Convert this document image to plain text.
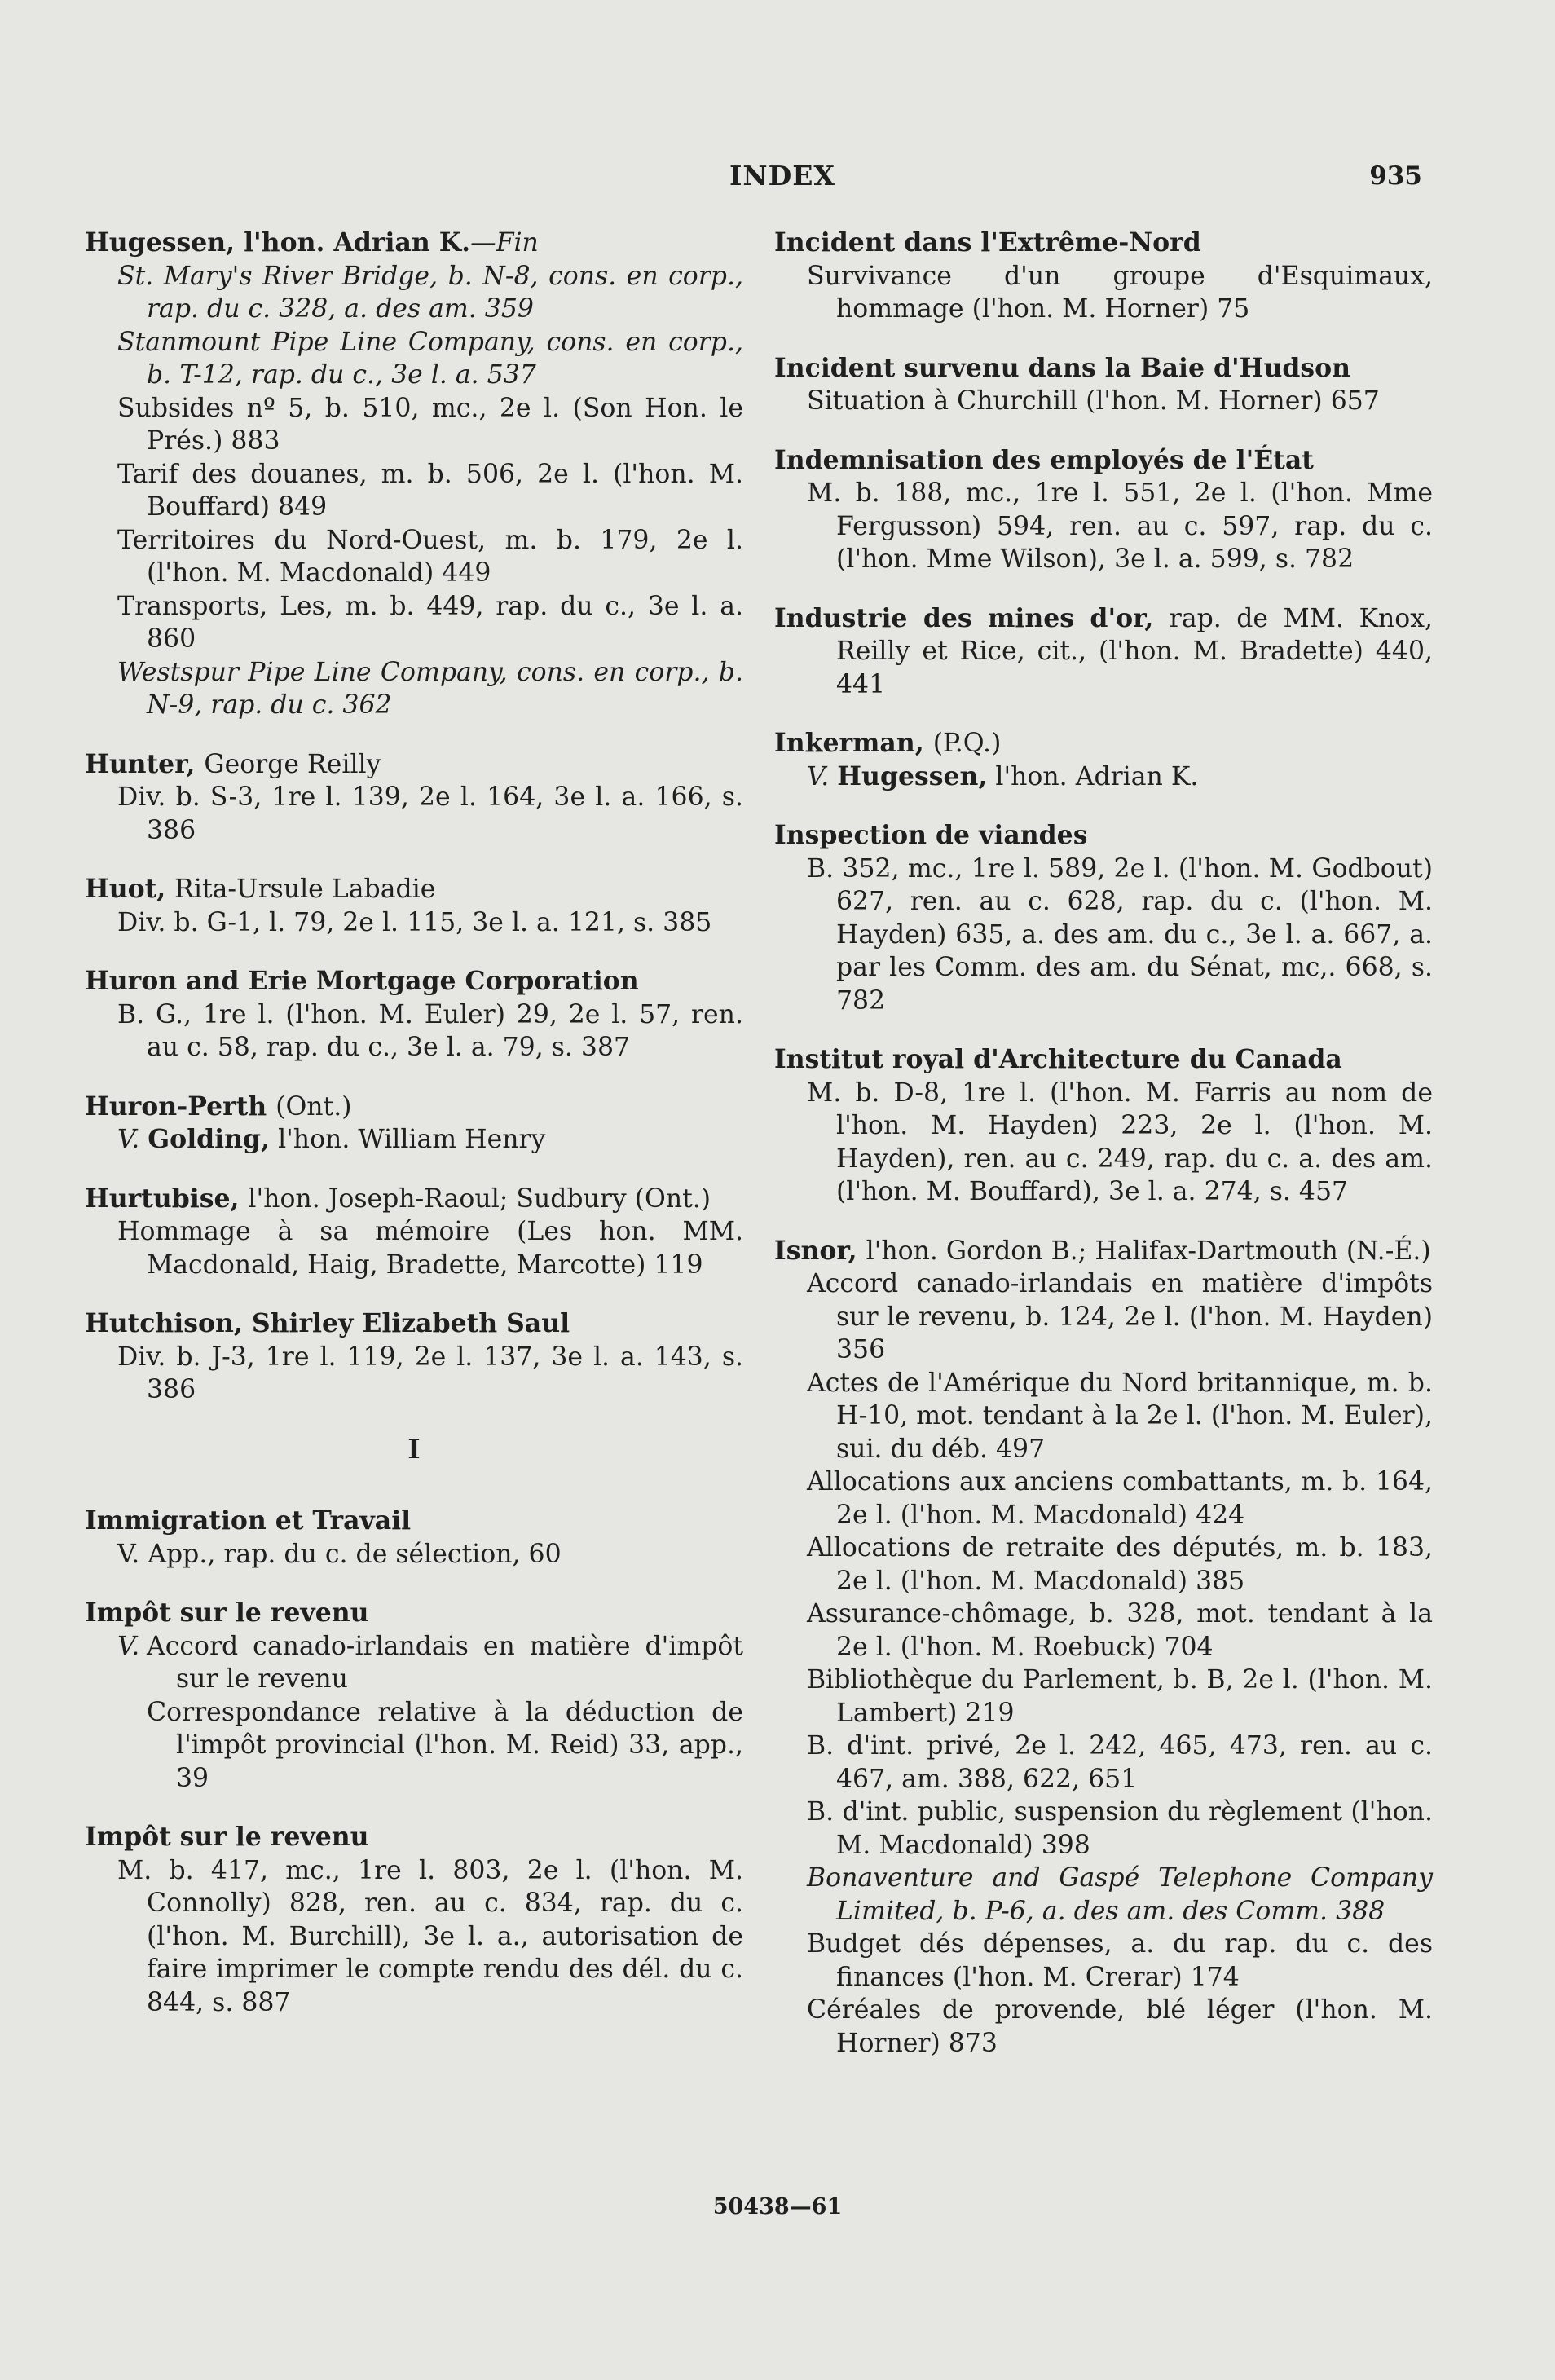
INDEX	935
Hugessen, l'hon. Adrian K.—Fin
St. Mary's River Bridge, b. N-8, cons. en corp., rap. du c. 328, a. des am. 359
Stanmount Pipe Line Company, cons. en corp., b. T-12, rap. du c., 3e l. a. 537
Subsides nº 5, b. 510, mc., 2e l. (Son Hon. le Prés.) 883
Tarif des douanes, m. b. 506, 2e l. (l'hon. M. Bouffard) 849
Territoires du Nord-Ouest, m. b. 179, 2e l. (l'hon. M. Macdonald) 449
Transports, Les, m. b. 449, rap. du c., 3e l. a. 860
Westspur Pipe Line Company, cons. en corp., b. N-9, rap. du c. 362
Hunter, George Reilly
Div. b. S-3, 1re l. 139, 2e l. 164, 3e l. a. 166, s. 386
Huot, Rita-Ursule Labadie
Div. b. G-1, l. 79, 2e l. 115, 3e l. a. 121, s. 385
Huron and Erie Mortgage Corporation
B. G., 1re l. (l'hon. M. Euler) 29, 2e l. 57, ren. au c. 58, rap. du c., 3e l. a. 79, s. 387
Huron-Perth (Ont.)
V. Golding, l'hon. William Henry
Hurtubise, l'hon. Joseph-Raoul; Sudbury (Ont.)
Hommage à sa mémoire (Les hon. MM. Macdonald, Haig, Bradette, Marcotte) 119
Hutchison, Shirley Elizabeth Saul
Div. b. J-3, 1re l. 119, 2e l. 137, 3e l. a. 143, s. 386
I
Immigration et Travail
V. App., rap. du c. de sélection, 60
Impôt sur le revenu
V. Accord canado-irlandais en matière d'impôt sur le revenu
Correspondance relative à la déduction de l'impôt provincial (l'hon. M. Reid) 33, app., 39
Impôt sur le revenu
M. b. 417, mc., 1re l. 803, 2e l. (l'hon. M. Connolly) 828, ren. au c. 834, rap. du c. (l'hon. M. Burchill), 3e l. a., autorisation de faire imprimer le compte rendu des dél. du c. 844, s. 887
Incident dans l'Extrême-Nord
Survivance d'un groupe d'Esquimaux, hommage (l'hon. M. Horner) 75
Incident survenu dans la Baie d'Hudson
Situation à Churchill (l'hon. M. Horner) 657
Indemnisation des employés de l'État
M. b. 188, mc., 1re l. 551, 2e l. (l'hon. Mme Fergusson) 594, ren. au c. 597, rap. du c. (l'hon. Mme Wilson), 3e l. a. 599, s. 782
Industrie des mines d'or, rap. de MM. Knox, Reilly et Rice, cit., (l'hon. M. Bradette) 440, 441
Inkerman, (P.Q.)
V. Hugessen, l'hon. Adrian K.
Inspection de viandes
B. 352, mc., 1re l. 589, 2e l. (l'hon. M. Godbout) 627, ren. au c. 628, rap. du c. (l'hon. M. Hayden) 635, a. des am. du c., 3e l. a. 667, a. par les Comm. des am. du Sénat, mc,. 668, s. 782
Institut royal d'Architecture du Canada
M. b. D-8, 1re l. (l'hon. M. Farris au nom de l'hon. M. Hayden) 223, 2e l. (l'hon. M. Hayden), ren. au c. 249, rap. du c. a. des am. (l'hon. M. Bouffard), 3e l. a. 274, s. 457
Isnor, l'hon. Gordon B.; Halifax-Dartmouth (N.-É.)
Accord canado-irlandais en matière d'impôts sur le revenu, b. 124, 2e l. (l'hon. M. Hayden) 356
Actes de l'Amérique du Nord britannique, m. b. H-10, mot. tendant à la 2e l. (l'hon. M. Euler), sui. du déb. 497
Allocations aux anciens combattants, m. b. 164, 2e l. (l'hon. M. Macdonald) 424
Allocations de retraite des députés, m. b. 183, 2e l. (l'hon. M. Macdonald) 385
Assurance-chômage, b. 328, mot. tendant à la 2e l. (l'hon. M. Roebuck) 704
Bibliothèque du Parlement, b. B, 2e l. (l'hon. M. Lambert) 219
B. d'int. privé, 2e l. 242, 465, 473, ren. au c. 467, am. 388, 622, 651
B. d'int. public, suspension du règlement (l'hon. M. Macdonald) 398
Bonaventure and Gaspé Telephone Company Limited, b. P-6, a. des am. des Comm. 388
Budget dés dépenses, a. du rap. du c. des finances (l'hon. M. Crerar) 174
Céréales de provende, blé léger (l'hon. M. Horner) 873
50438—61
